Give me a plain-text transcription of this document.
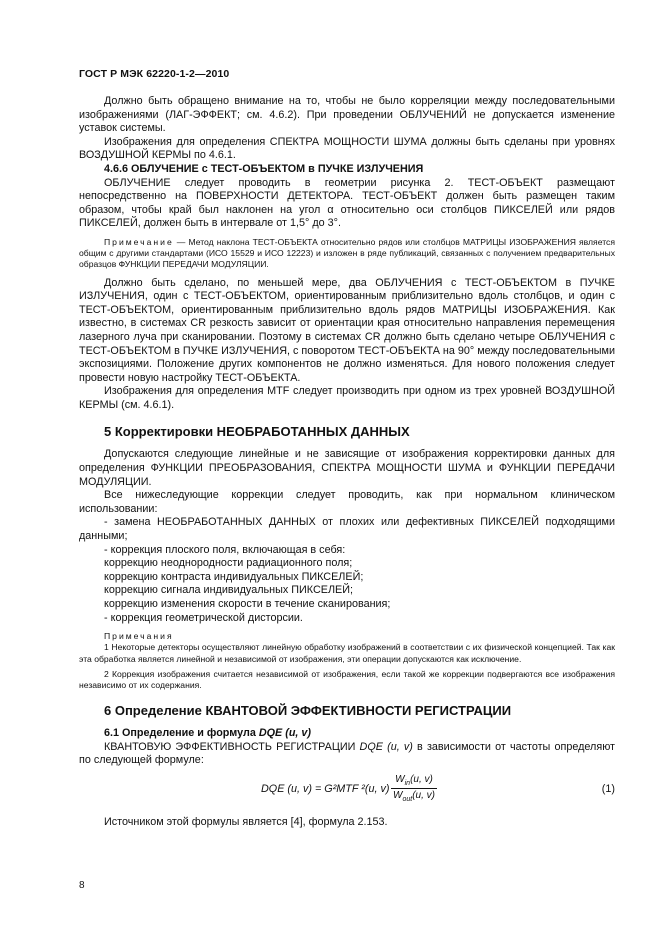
ГОСТ Р МЭК 62220-1-2—2010

Должно быть обращено внимание на то, чтобы не было корреляции между последовательными изображениями (ЛАГ-ЭФФЕКТ; см. 4.6.2). При проведении ОБЛУЧЕНИЙ не допускается изменение уставок системы.

Изображения для определения СПЕКТРА МОЩНОСТИ ШУМА должны быть сделаны при уровнях ВОЗДУШНОЙ КЕРМЫ по 4.6.1.

4.6.6 ОБЛУЧЕНИЕ с ТЕСТ-ОБЪЕКТОМ в ПУЧКЕ ИЗЛУЧЕНИЯ

ОБЛУЧЕНИЕ следует проводить в геометрии рисунка 2. ТЕСТ-ОБЪЕКТ размещают непосредственно на ПОВЕРХНОСТИ ДЕТЕКТОРА. ТЕСТ-ОБЪЕКТ должен быть размещен таким образом, чтобы край был наклонен на угол α относительно оси столбцов ПИКСЕЛЕЙ или рядов ПИКСЕЛЕЙ, должен быть в интервале от 1,5° до 3°.

Примечание — Метод наклона ТЕСТ-ОБЪЕКТА относительно рядов или столбцов МАТРИЦЫ ИЗОБРАЖЕНИЯ является общим с другими стандартами (ИСО 15529 и ИСО 12223) и изложен в ряде публикаций, связанных с получением предварительных образцов ФУНКЦИИ ПЕРЕДАЧИ МОДУЛЯЦИИ.

Должно быть сделано, по меньшей мере, два ОБЛУЧЕНИЯ с ТЕСТ-ОБЪЕКТОМ в ПУЧКЕ ИЗЛУЧЕНИЯ, один с ТЕСТ-ОБЪЕКТОМ, ориентированным приблизительно вдоль столбцов, и один с ТЕСТ-ОБЪЕКТОМ, ориентированным приблизительно вдоль рядов МАТРИЦЫ ИЗОБРАЖЕНИЯ. Как известно, в системах CR резкость зависит от ориентации края относительно направления перемещения лазерного луча при сканировании. Поэтому в системах CR должно быть сделано четыре ОБЛУЧЕНИЯ с ТЕСТ-ОБЪЕКТОМ в ПУЧКЕ ИЗЛУЧЕНИЯ, с поворотом ТЕСТ-ОБЪЕКТА на 90° между последовательными экспозициями. Положение других компонентов не должно изменяться. Для нового положения следует провести новую настройку ТЕСТ-ОБЪЕКТА.

Изображения для определения MTF следует производить при одном из трех уровней ВОЗДУШНОЙ КЕРМЫ (см. 4.6.1).

5 Корректировки НЕОБРАБОТАННЫХ ДАННЫХ

Допускаются следующие линейные и не зависящие от изображения корректировки данных для определения ФУНКЦИИ ПРЕОБРАЗОВАНИЯ, СПЕКТРА МОЩНОСТИ ШУМА и ФУНКЦИИ ПЕРЕДАЧИ МОДУЛЯЦИИ.

Все нижеследующие коррекции следует проводить, как при нормальном клиническом использовании:

- замена НЕОБРАБОТАННЫХ ДАННЫХ от плохих или дефективных ПИКСЕЛЕЙ подходящими данными;

- коррекция плоского поля, включающая в себя:

коррекцию неоднородности радиационного поля;

коррекцию контраста индивидуальных ПИКСЕЛЕЙ;

коррекцию сигнала индивидуальных ПИКСЕЛЕЙ;

коррекцию изменения скорости в течение сканирования;

- коррекция геометрической дисторсии.

Примечания

1 Некоторые детекторы осуществляют линейную обработку изображений в соответствии с их физической концепцией. Так как эта обработка является линейной и независимой от изображения, эти операции допускаются как исключение.

2 Коррекция изображения считается независимой от изображения, если такой же коррекции подвергаются все изображения независимо от их содержания.

6 Определение КВАНТОВОЙ ЭФФЕКТИВНОСТИ РЕГИСТРАЦИИ

6.1 Определение и формула DQE (u, v)

КВАНТОВУЮ ЭФФЕКТИВНОСТЬ РЕГИСТРАЦИИ DQE (u, v) в зависимости от частоты определяют по следующей формуле:

DQE (u, v) = G²MTF ²(u, v)
$W_{in}(u$, v)
$W_{out}(u$, v)
(1)

Источником этой формулы является [4], формула 2.153.

8
